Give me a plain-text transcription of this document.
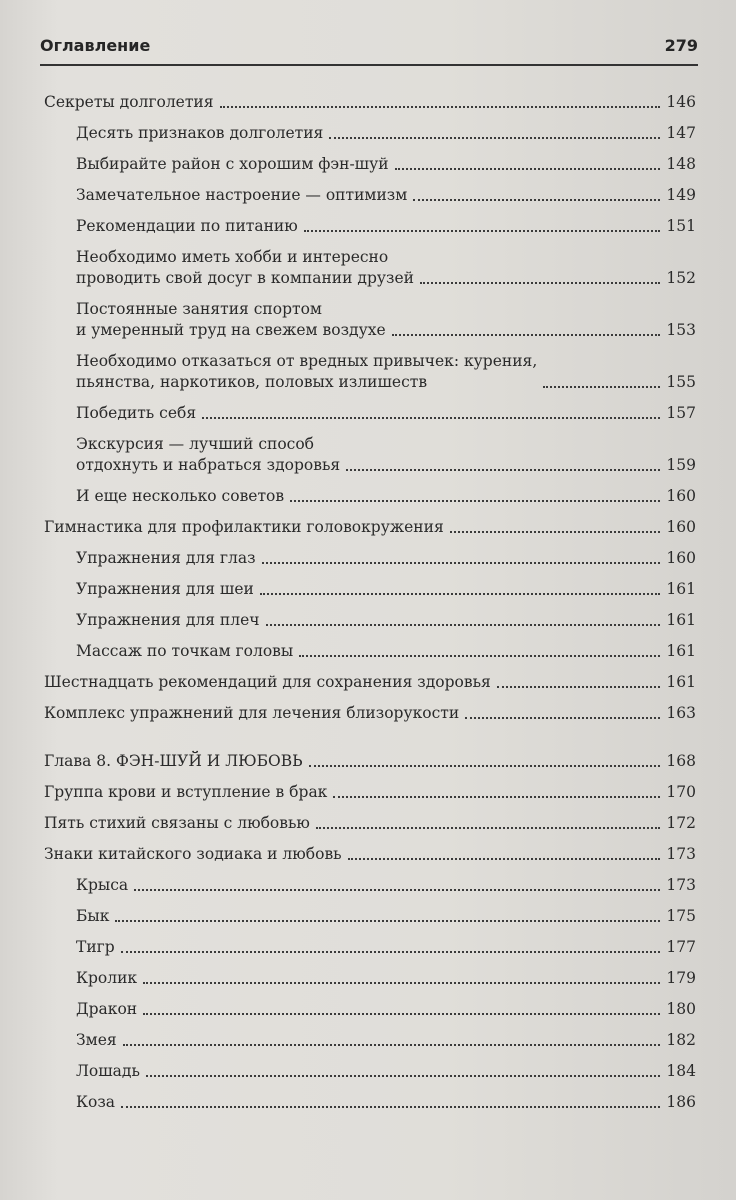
Оглавление	279
Секреты долголетия	146
Десять признаков долголетия	147
Выбирайте район с хорошим фэн-шуй	148
Замечательное настроение — оптимизм	149
Рекомендации по питанию	151
Необходимо иметь хобби и интересно
проводить свой досуг в компании друзей	152
Постоянные занятия спортом
и умеренный труд на свежем воздухе	153
Необходимо отказаться от вредных привычек: курения,
пьянства, наркотиков, половых излишеств	155
Победить себя	157
Экскурсия — лучший способ
отдохнуть и набраться здоровья	159
И еще несколько советов	160
Гимнастика для профилактики головокружения	160
Упражнения для глаз	160
Упражнения для шеи	161
Упражнения для плеч	161
Массаж по точкам головы	161
Шестнадцать рекомендаций для сохранения здоровья	161
Комплекс упражнений для лечения близорукости	163
Глава 8. ФЭН-ШУЙ И ЛЮБОВЬ	168
Группа крови и вступление в брак	170
Пять стихий связаны с любовью	172
Знаки китайского зодиака и любовь	173
Крыса	173
Бык	175
Тигр	177
Кролик	179
Дракон	180
Змея	182
Лошадь	184
Коза	186
